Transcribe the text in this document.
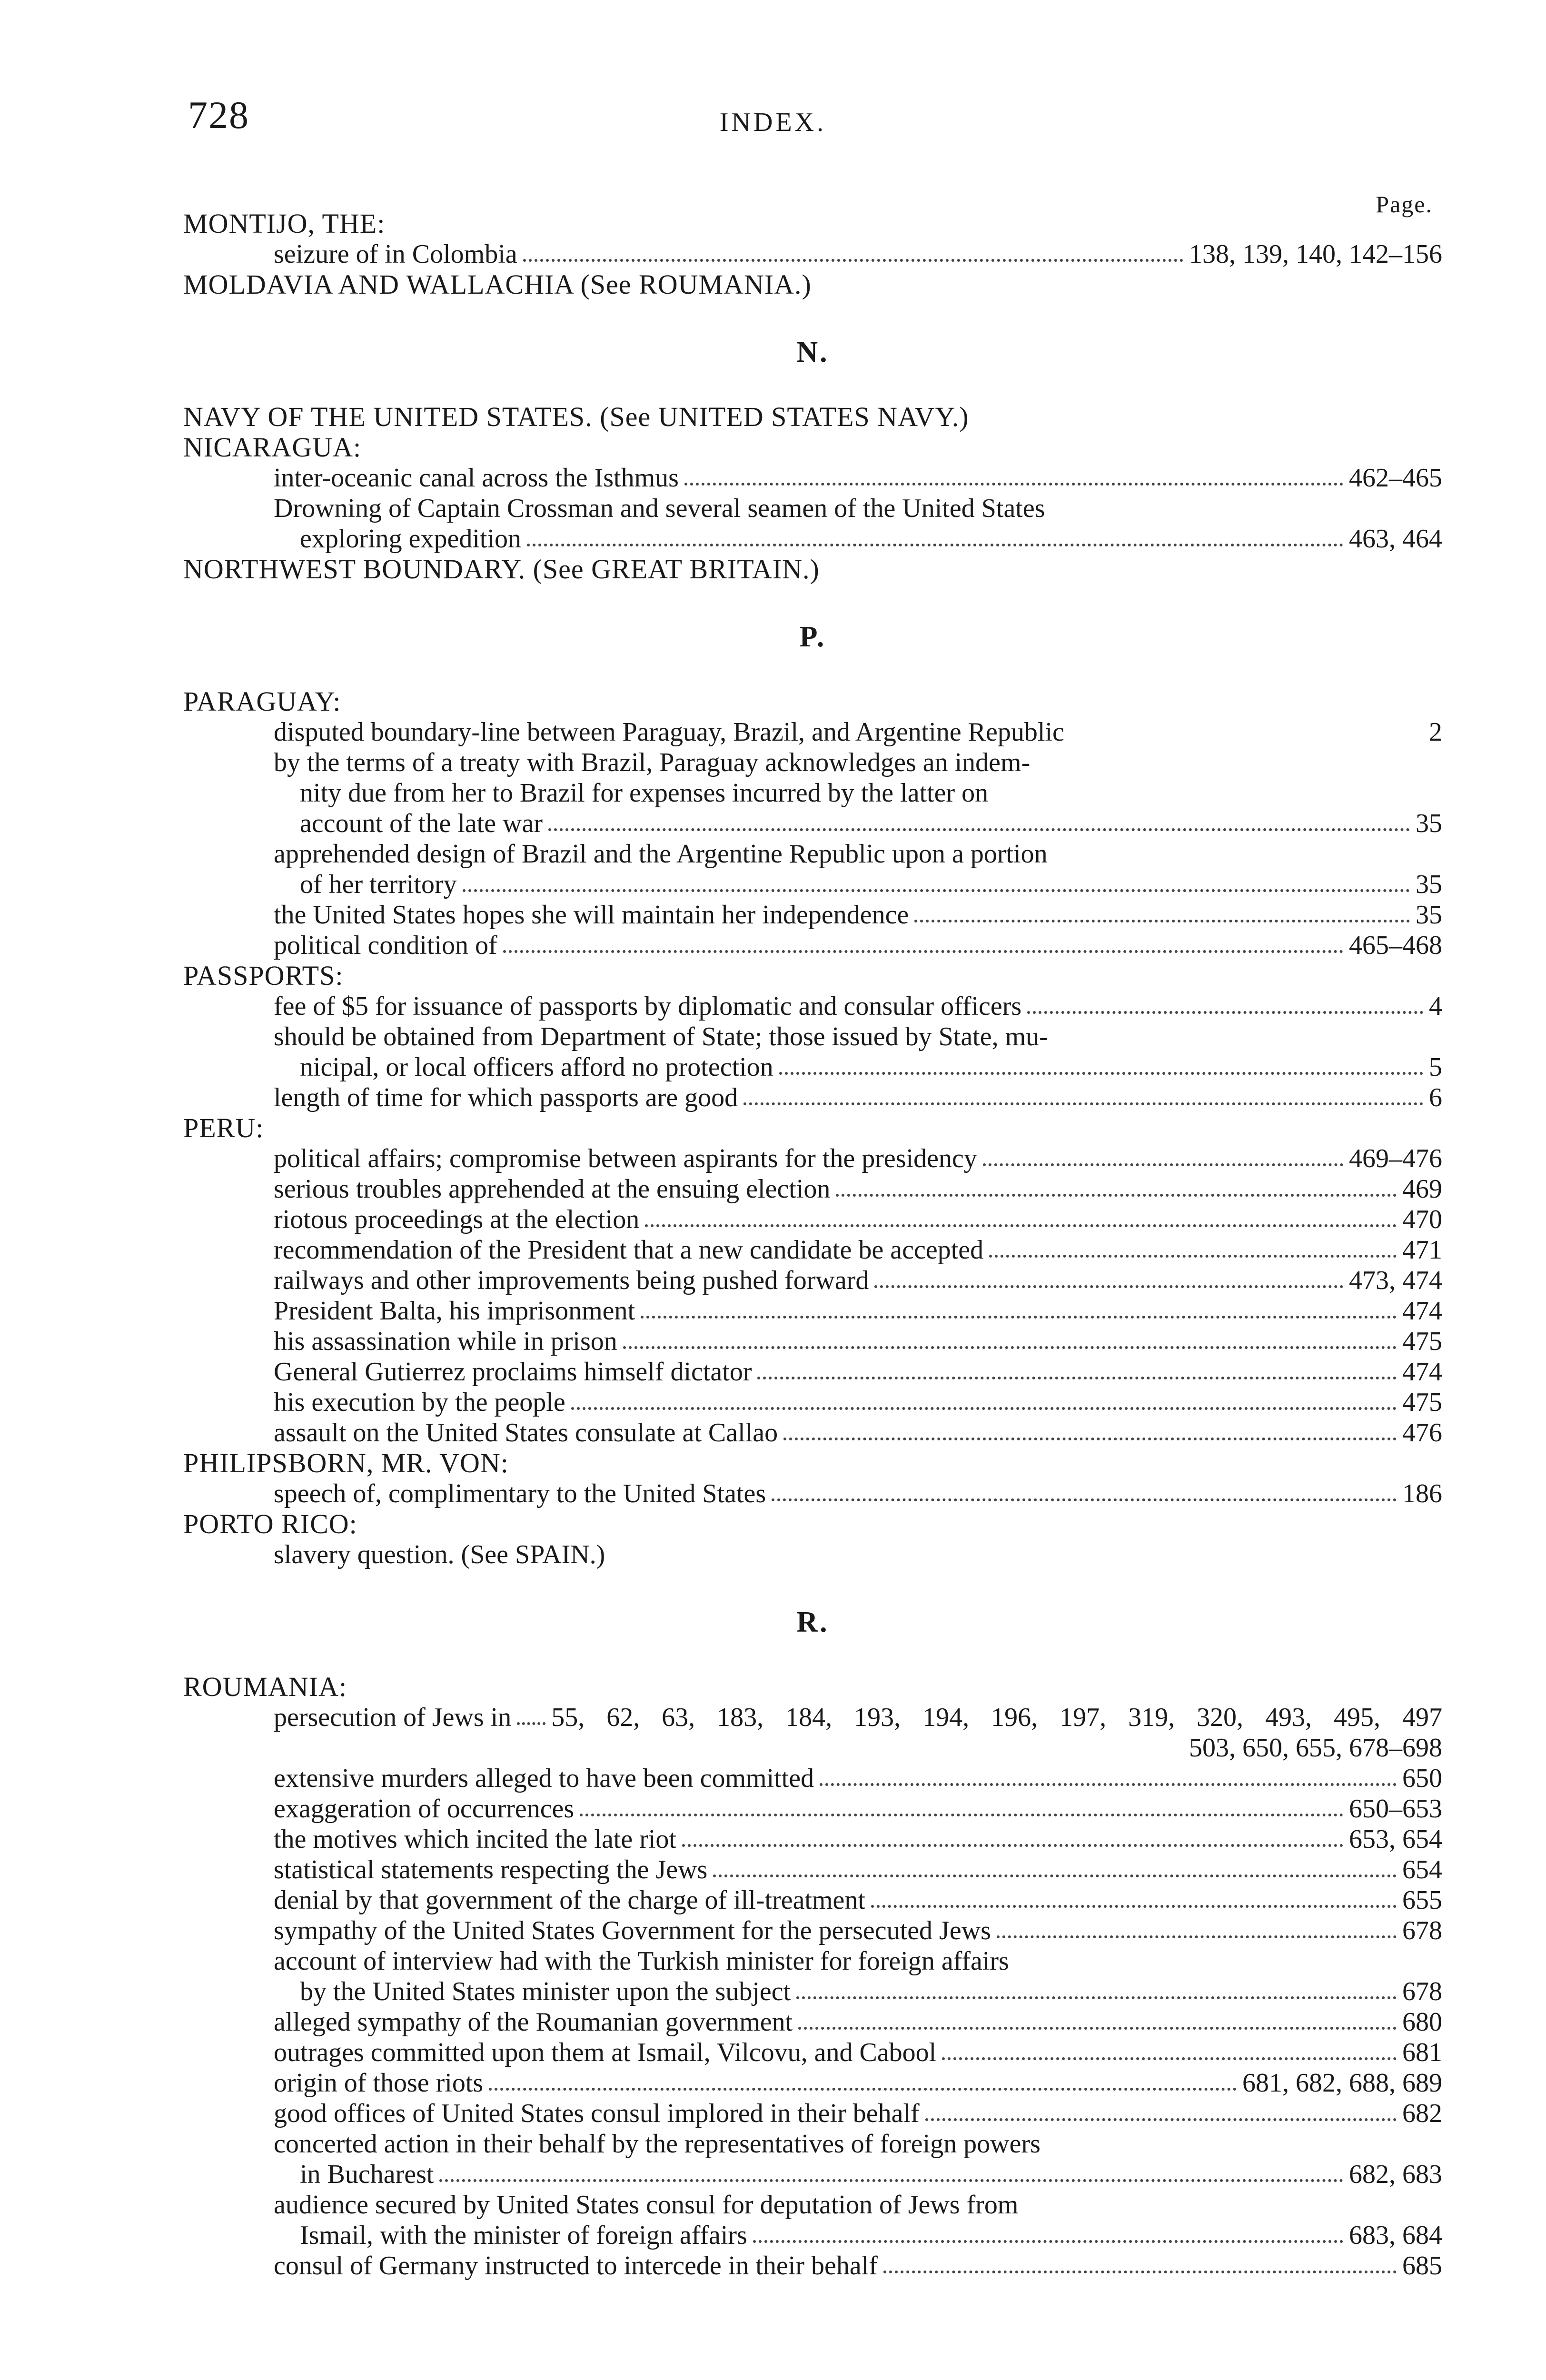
728	INDEX.
Page.
MONTIJO, THE:
seizure of in Colombia	138, 139, 140, 142–156
MOLDAVIA AND WALLACHIA (See ROUMANIA.)
N.
NAVY OF THE UNITED STATES. (See UNITED STATES NAVY.)
NICARAGUA:
inter-oceanic canal across the Isthmus	462–465
Drowning of Captain Crossman and several seamen of the United States
exploring expedition	463, 464
NORTHWEST BOUNDARY. (See GREAT BRITAIN.)
P.
PARAGUAY:
disputed boundary-line between Paraguay, Brazil, and Argentine Republic	2
by the terms of a treaty with Brazil, Paraguay acknowledges an indem-
nity due from her to Brazil for expenses incurred by the latter on
account of the late war	35
apprehended design of Brazil and the Argentine Republic upon a portion
of her territory	35
the United States hopes she will maintain her independence	35
political condition of	465–468
PASSPORTS:
fee of $5 for issuance of passports by diplomatic and consular officers	4
should be obtained from Department of State; those issued by State, mu-
nicipal, or local officers afford no protection	5
length of time for which passports are good	6
PERU:
political affairs; compromise between aspirants for the presidency	469–476
serious troubles apprehended at the ensuing election	469
riotous proceedings at the election	470
recommendation of the President that a new candidate be accepted	471
railways and other improvements being pushed forward	473, 474
President Balta, his imprisonment	474
his assassination while in prison	475
General Gutierrez proclaims himself dictator	474
his execution by the people	475
assault on the United States consulate at Callao	476
PHILIPSBORN, MR. VON:
speech of, complimentary to the United States	186
PORTO RICO:
slavery question. (See SPAIN.)
R.
ROUMANIA:
persecution of Jews in 55, 62, 63, 183, 184, 193, 194, 196, 197, 319, 320, 493, 495, 497
503, 650, 655, 678–698
extensive murders alleged to have been committed	650
exaggeration of occurrences	650–653
the motives which incited the late riot	653, 654
statistical statements respecting the Jews	654
denial by that government of the charge of ill-treatment	655
sympathy of the United States Government for the persecuted Jews	678
account of interview had with the Turkish minister for foreign affairs
by the United States minister upon the subject	678
alleged sympathy of the Roumanian government	680
outrages committed upon them at Ismail, Vilcovu, and Cabool	681
origin of those riots	681, 682, 688, 689
good offices of United States consul implored in their behalf	682
concerted action in their behalf by the representatives of foreign powers
in Bucharest	682, 683
audience secured by United States consul for deputation of Jews from
Ismail, with the minister of foreign affairs	683, 684
consul of Germany instructed to intercede in their behalf	685
